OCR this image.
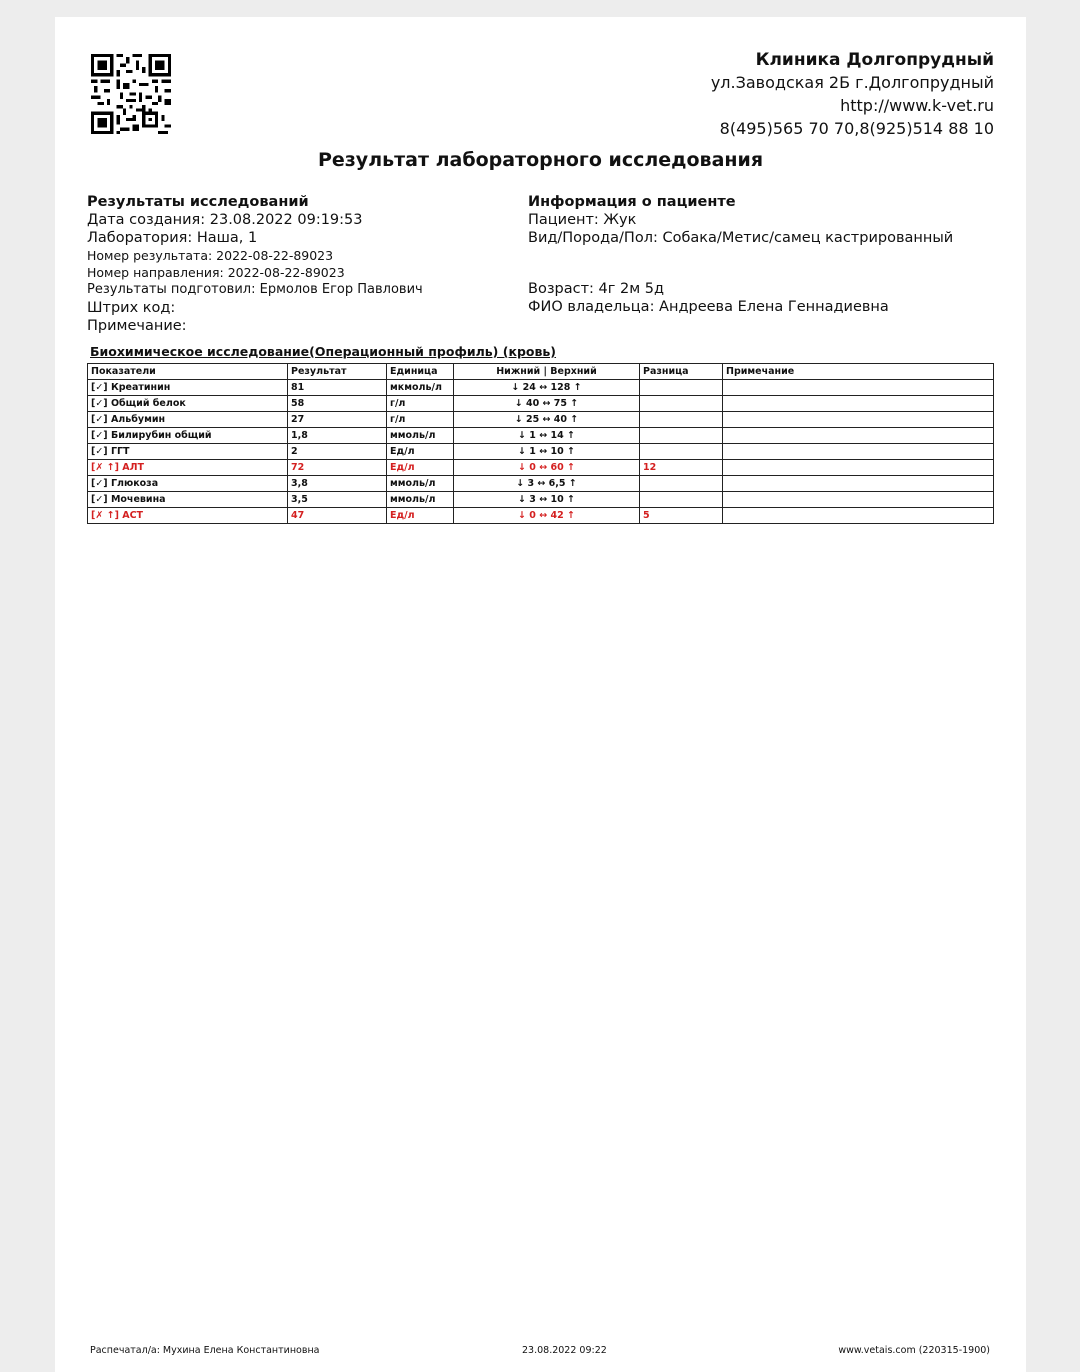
Клиника Долгопрудный
ул.Заводская 2Б г.Долгопрудный
http://www.k-vet.ru
8(495)565 70 70,8(925)514 88 10
Результат лабораторного исследования
Результаты исследований
Дата создания: 23.08.2022 09:19:53
Лаборатория: Наша, 1
Номер результата: 2022-08-22-89023
Номер направления: 2022-08-22-89023
Результаты подготовил: Ермолов Егор Павлович
Штрих код:
Примечание:
Информация о пациенте
Пациент: Жук
Вид/Порода/Пол: Собака/Метис/самец кастрированный
Возраст: 4г 2м 5д
ФИО владельца: Андреева Елена Геннадиевна
Биохимическое исследование(Операционный профиль) (кровь)
Показатели	Результат	Единица	Нижний | Верхний	Разница	Примечание
[✓] Креатинин	81	мкмоль/л	↓ 24 ↔ 128 ↑		
[✓] Общий белок	58	г/л	↓ 40 ↔ 75 ↑		
[✓] Альбумин	27	г/л	↓ 25 ↔ 40 ↑		
[✓] Билирубин общий	1,8	ммоль/л	↓ 1 ↔ 14 ↑		
[✓] ГГТ	2	Ед/л	↓ 1 ↔ 10 ↑		
[✗ ↑] АЛТ	72	Ед/л	↓ 0 ↔ 60 ↑	12	
[✓] Глюкоза	3,8	ммоль/л	↓ 3 ↔ 6,5 ↑		
[✓] Мочевина	3,5	ммоль/л	↓ 3 ↔ 10 ↑		
[✗ ↑] АСТ	47	Ед/л	↓ 0 ↔ 42 ↑	5	
Распечатал/а: Мухина Елена Константиновна	23.08.2022 09:22	www.vetais.com (220315-1900)
